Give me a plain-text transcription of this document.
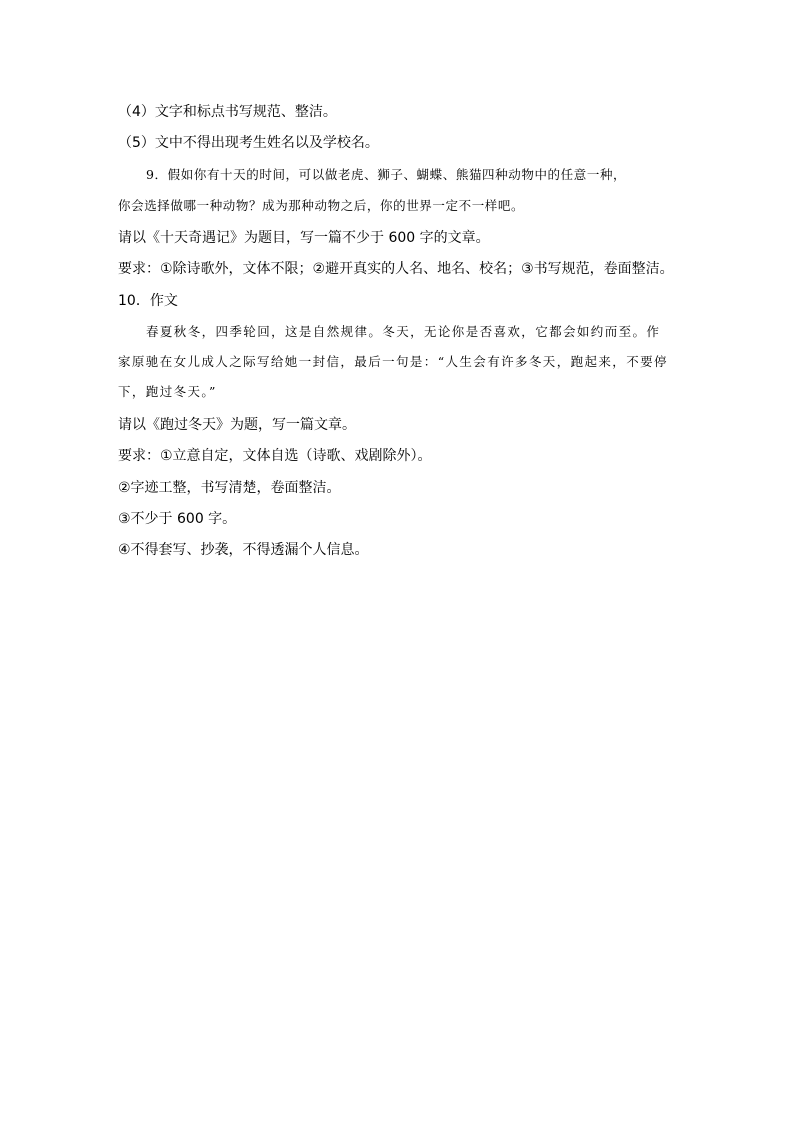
（4）文字和标点书写规范、整洁。
（5）文中不得出现考生姓名以及学校名。
9．假如你有十天的时间，可以做老虎、狮子、蝴蝶、熊猫四种动物中的任意一种，
你会选择做哪一种动物？成为那种动物之后，你的世界一定不一样吧。
请以《十天奇遇记》为题目，写一篇不少于 600 字的文章。
要求：①除诗歌外，文体不限；②避开真实的人名、地名、校名；③书写规范，卷面整洁。
10．作文
春夏秋冬，四季轮回，这是自然规律。冬天，无论你是否喜欢，它都会如约而至。作
家原驰在女儿成人之际写给她一封信，最后一句是：“人生会有许多冬天，跑起来，不要停
下，跑过冬天。”
请以《跑过冬天》为题，写一篇文章。
要求：①立意自定，文体自选（诗歌、戏剧除外）。
②字迹工整，书写清楚，卷面整洁。
③不少于 600 字。
④不得套写、抄袭，不得透漏个人信息。
